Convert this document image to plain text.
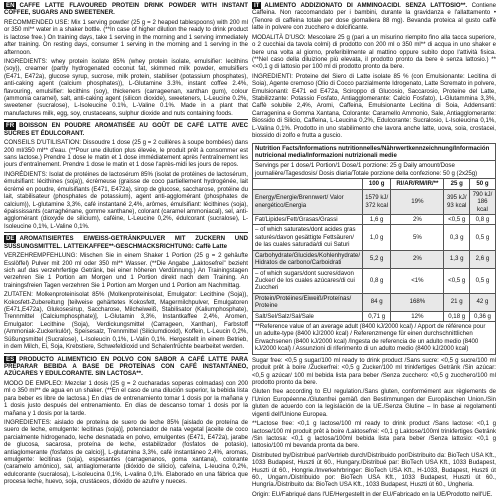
EN CAFFÈ LATTE FLAVOURED PROTEIN DRINK POWDER WITH INSTANT COFFEE, SUGARS AND SWEETENER.

RECOMMENDED USE: Mix 1 serving powder (25 g = 2 heaped tablespoons) with 200 ml or 350 ml** water in a shaker bottle. (**In case of higher dilution the ready to drink product is lactose free.) On training days, take 1 serving in the morning and 1 serving immediately after training. On resting days, consumer 1 serving in the morning and 1 serving in the afternoon.

INGREDIENTS: whey protein isolate 85% (whey protein isolate, emulsifier: lecithins (soy)), creamer (partly hydrogenated coconut fat, skimmed milk powder, emulsifiers (E471, E472a), glucose syrup, sucrose, milk protein, stabiliser (potassium phosphates), anti-caking agent (calcium phosphates)), L-Glutamine 3.3%, instant coffee 2.4%, flavouring, emulsifier: lecithins (soy), thickeners (carrageenan, xanthan gum), colour (ammonia caramel), salt, anti-caking agent (silicon dioxide), sweeteners, L-Leucine 0.2%, sweetener (sucralose), L-Isoleucine 0.1%, L-Valine 0.1%. Made in a plant that manufactures milk, egg, soy, crustaceans, sulphur dioxide and nuts containing foods.

FR BOISSON EN POUDRE AROMATISÉE AU GOÛT DE CAFÉ LATTE AVEC SUCRES ET ÉDULCORANT.

CONSEILS D'UTILISATION: Dissoudre 1 dose (25 g = 2 cuillères à soupe bombées) dans 200 ml/350 ml** d'eau. (**Pour une dilution plus élevée, le produit prêt à consommer est sans lactose.) Prendre 1 dose le matin et 1 dose immédiatement après l'entraînement les jours d'entraînement. Prendre 1 dose le matin et 1 dose l'après-midi les jours de repos.

INGRÉDIENTS: Isolat de protéines de lactosérum 85% (isolat de protéines de lactosérum, émulsifiant: lécithines (soja)), écrémeuse (graisse de coco partiellement hydrogénée, lait écrémé en poudre, émulsifiants (E471, E472a), sirop de glucose, saccharose, protéine du lait, stabilisateur (phosphates de potassium), agent anti-agglomérant (phosphates de calcium)), L-glutamine 3,3%, café instantané 2,4%, arômes, émulsifiant: lécithines (soja), épaississants (carraghénane, gomme xanthane), colorant (caramel ammoniacal), sel, anti-agglomérant (dioxyde de silicium), caféine, L-Leucine 0,2%, édulcorant (sucralose), L-Isoleucine 0,1%, L-Valine 0,1%.

DE AROMATISIERTES EIWEISS-GETRÄNKPULVER MIT ZUCKERN UND SÜSSUNGSMITTEL. LATTE/KAFFEE**-GESCHMACKSRICHTUNG: Caffè Latte

VERZEHREMPFEHLUNG: Mischen Sie in einem Shaker 1 Portion (25 g = 2 gehäufte Esslöffel) Pulver mit 200 ml oder 350 ml** Wasser. (**Die Angabe „Laktosefrei" bezieht sich auf das verzehrfertige Getränk, bei einer höheren Verdünnung.) An Trainingstagen verzehren Sie 1 Portion am Morgen und 1 Portion direkt nach dem Training. An trainingsfreien Tagen verzehren Sie 1 Portion am Morgen und 1 Portion am Nachmittag.

ZUTATEN: Molkenproteinisolat 85% (Molkenproteinisolat, Emulgator: Lecithine (Soja)), Kokosfett-Zubereitung [teilweise gehärtetes Kokosfett, Magermilchpulver, Emulgatoren (E471,E472a), Glukosesirup, Saccharose, Milcheiweiß, Stabilisator (Kaliumphosphate), Trennmittel (Calciumphosphate)], L-Glutamin 3,3%, Instantkaffee 2,4%, Aromen, Emulgator: Lecithine (Soja), Verdickungsmittel (Carrageen, Xanthan), Farbstoff (Ammoniak-Zuckerkulör), Speisesalz, Trennmittel (Siliciumdioxid), Koffein, L-Leucin 0,2%, Süßungsmittel (Sucralose), L-Isoleucin 0,1%, L-Valin 0,1%. Hergestellt in einem Betrieb, in dem Milch, Ei, Soja, Krebstiere, Schwefeldioxid und Schalenfrüchte bearbeitet werden.

ES PRODUCTO ALIMENTICIO EN POLVO CON SABOR A CAFÉ LATTE PARA PREPARAR BEBIDA A BASE DE PROTEÍNAS CON CAFÉ INSTANTÁNEO, AZÚCARES Y EDULCORANTE. SIN LACTOSA**.

MODO DE EMPLEO: Mezclar 1 dosis (25 g = 2 cucharadas soperas colmadas) con 200 ml o 350 ml** de agua en un shaker. (**En el caso de una dilución superior, la bebida lista para beber es libre de lactosa.) En días de entrenamiento tomar 1 dosis por la mañana y 1 dosis justo después del entrenamiento. En días de descanso tomar 1 dosis por la mañana y 1 dosis por la tarde.

INGREDIENTES: aislado de proteína de suero de leche 85% [aislado de proteína de suero de leche, emulgente: lecitinas (soja)], potenciador de nata vegetal [aceite de coco parcialmente hidrogenado, leche desnatada en polvo, emulgentes (E471, E472a), jarabe de glucosa, sacarosa, proteína de leche, estabilizador (fosfatos de potasio), antiaglomerante (fosfatos de calcio)], L-glutamina 3,3%, café instantáneo 2,4%, aromas, emulgente: lecitinas (soja), espesantes (carragenanos, goma xantana), colorante (caramelo amónico), sal, antiaglomerante (dióxido de silicio), cafeína, L-leucina 0,2%, edulcorante (sucralosa), L-isoleucina 0,1%, L-valina 0,1%. Elaborado en una fábrica que procesa leche, huevo, soja, crustáceos, dióxido de azufre y nueces.

IT ALIMENTO ADDIZIONATO DI AMMINOACIDI. SENZA LATTOSIO**. Contiene Caffeina. Non raccomandato per i bambini, durante la gravidanza e l'allattamento • (Tenore di caffeina totale per dose giornaliera 88 mg). Bevanda proteica al gusto caffè latte in polvere con zucchero e dolcificante.

MODALITÀ D'USO: Mescolare 25 g (pari a un misurino riempito fino alla tacca superiore, o 2 cucchiai da tavola colmi) di prodotto con 200 ml o 350 ml** di acqua in uno shaker e bere una volta al giorno, preferibilmente al mattino oppure subito dopo l'attività fisica. (**Nel caso della diluizione più elevata, il prodotto pronto da bere è senza lattosio.) **<<0,1 g di lattosio per 100 ml di prodotto pronto da bere.

INGREDIENTI: Proteine del Siero di Latte isolate 85 % (con Emulsionante: Lecitina di Soia), Agente cremoso (Olio di Cocco parzialmente Idrogenato, Latte Scremato in polvere, Emulsionanti: E471 ed E472a, Sciroppo di Glucosio, Saccarosio, Proteine del Latte, Stabilizzante: Potassio Fosfato, Antiagglomerante: Calcio Fosfato), L-Glutammina 3,3%, Caffè solubile 2,4%, Aromi, Caffeina, Emulsionante Lecitina di Soia, Addensanti: Carragenina e Gomma Xantana, Colorante: Caramello Ammonio, Sale, Antiagglomerante: Biossido di Silicio, Caffeina, L-Leucina 0,2%, Edulcorante: Sucralosio, L-Isoleucina 0,1%, L-Valina 0,1%. Prodotto in uno stabilimento che lavora anche latte, uova, soia, crostacei, biossido di zolfo e frutta a guscio.

Nutrition Facts/Informations nutritionnelles/Nährwertkennzeichnung/Información nutricional media/Informazioni nutrizionali medie				
Servings per 1 dose/1 Portion/1 Dose/1 porzione: 25 g Daily amount/Dose journalière/Tagesdosis/ Dosis diaria/Totale porzione della confezione: 50 g (2x25g)				
	100 g	RI/AR/RM/IR/**	25 g	50 g
Energy/Energie/Brennwert/ Valor energético/Energia	1579 kJ/ 372 kcal	19%	395 kJ/ 93 kcal	790 kJ/ 186 kcal
Fat/Lipides/Fett/Grasas/Grassi	1,6 g	2%	<0,5 g	0,8 g
– of which saturates/dont acides gras saturés/davon gesättigte Fettsäuren/ de las cuales saturada/di cui Saturi	1,0 g	5%	0,3 g	0,5 g
Carbohydrate/Glucides/Kohlenhydrate/ Hidratos de carbono/Carboidrati	5,2 g	2%	1,3 g	2,6 g
– of which sugars/dont sucres/davon Zucker/ de los cuales azúcares/di cui Zuccheri	0,8 g	<1%	<0,5 g	0,5 g
Protein/Protéines/Eiweiß/Proteínas/ Proteine	84 g	168%	21 g	42 g
Salt/Sel/Salz/Sal/Sale	0,71 g	12%	0,18 g	0,36 g
**Reference value of an average adult (8400 kJ/2000 kcal) / Apport de référence pour un adulte-type (8400 kJ/2000 kcal) / Referenzmenge für einen durchschnittlichen Erwachsenen (8400 kJ/2000 kcal) /Ingesta de referencia de un adulto medio (8400 kJ/2000 kcal) / Assunzioni di riferimento di un adulto medio (8400 kJ/2000 kcal)				

Sugar free: <0,5 g sugar/100 ml ready to drink product /Sans sucre: <0,5 g sucre/100 ml produit prêt à boire /Zuckerfrei: <0,5 g Zucker/100 ml trinkfertiges Getränk /Sin azúcar: <0,5 g azúcar/ 100 ml bebida lista para beber /Senza zucchero: <0,5 g zucchero/100 ml prodotto pronto da bere.

Gluten free according to EU regulation./Sans gluten, conformément aux règlements de l'Union Européenne./Glutenfrei gemäß den Bestimmungen der Europäischen Union./Sin gluten de acuerdo con la legislación de la UE./Senza Glutine – In base ai regolamenti vigenti dell'Unione Europea.

**Lactose free: <0,1 g lactose/100 ml ready to drink product /Sans lactose: <0,1 g lactose/100 ml produit prêt à boire /Laktosefrei: <0,1 g Laktose/100ml trinkfertiges Getränk /Sin lactosa: <0,1 g lactosa/100ml bebida lista para beber /Senza lattosio: <0,1 g lattosio/100 ml bevanda pronta da bere.

Distributed by/Distribué par/Vertrieb durch/Distribuido por/Distribuito da: BioTech USA Kft., 1033 Budapest, Huszti út 60., Hungary./Distribué par: BioTech USA Kft., 1033 Budapest, Huszti út 60., Hongrie./Inverkehrbringer: BioTech USA Kft., H-1033, Budapest, Huszti út 60., Ungarn./Distribuido por: BioTech USA Kft., 1033 Budapest, Huszti út 60., Hungría./Distribuito da: BioTech USA Kft., 1033 Budapest, Huszti út 60., Ungheria.

Origin: EU/Fabriqué dans l'UE/Hergestellt in der EU/Fabricado en la UE/Prodotto nell'UE.
